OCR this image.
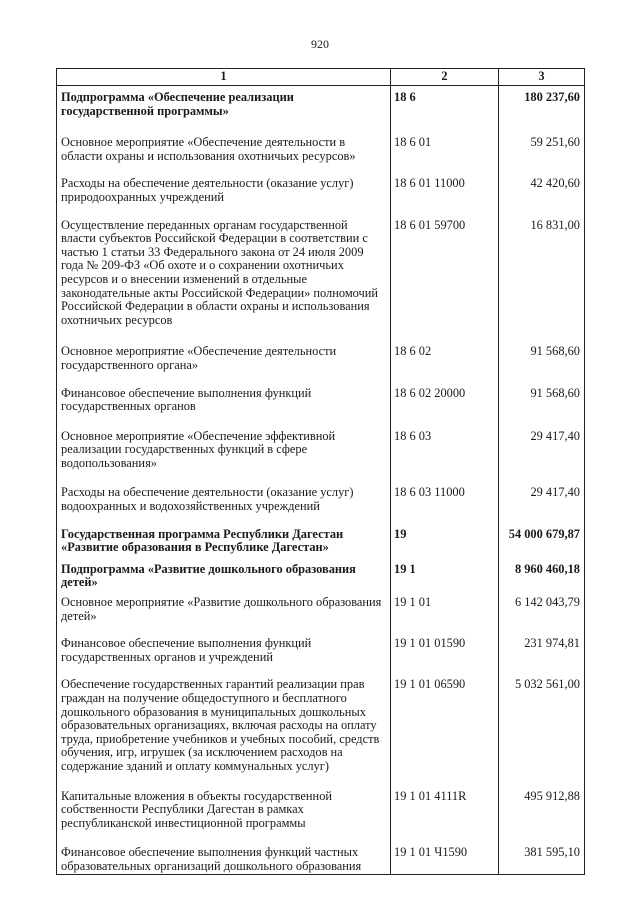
920
1	2	3
Подпрограмма «Обеспечение реализации государственной программы»	18 6	180 237,60
Основное мероприятие «Обеспечение деятельности в области охраны и использования охотничьих ресурсов»	18 6 01	59 251,60
Расходы на обеспечение деятельности (оказание услуг) природоохранных учреждений	18 6 01 11000	42 420,60
Осуществление переданных органам государственной власти субъектов Российской Федерации в соответствии с частью 1 статьи 33 Федерального закона от 24 июля 2009 года № 209-ФЗ «Об охоте и о сохранении охотничьих ресурсов и о внесении изменений в отдельные законодательные акты Российской Федерации» полномочий Российской Федерации в области охраны и использования охотничьих ресурсов	18 6 01 59700	16 831,00
Основное мероприятие «Обеспечение деятельности государственного органа»	18 6 02	91 568,60
Финансовое обеспечение выполнения функций государственных органов	18 6 02 20000	91 568,60
Основное мероприятие «Обеспечение эффективной реализации государственных функций в сфере водопользования»	18 6 03	29 417,40
Расходы на обеспечение деятельности (оказание услуг) водоохранных и водохозяйственных учреждений	18 6 03 11000	29 417,40
Государственная программа Республики Дагестан «Развитие образования в Республике Дагестан»	19	54 000 679,87
Подпрограмма «Развитие дошкольного образования детей»	19 1	8 960 460,18
Основное мероприятие «Развитие дошкольного образования детей»	19 1 01	6 142 043,79
Финансовое обеспечение выполнения функций государственных органов и учреждений	19 1 01 01590	231 974,81
Обеспечение государственных гарантий реализации прав граждан на получение общедоступного и бесплатного дошкольного образования в муниципальных дошкольных образовательных организациях, включая расходы на оплату труда, приобретение учебников и учебных пособий, средств обучения, игр, игрушек (за исключением расходов на содержание зданий и оплату коммунальных услуг)	19 1 01 06590	5 032 561,00
Капитальные вложения в объекты государственной собственности Республики Дагестан в рамках республиканской инвестиционной программы	19 1 01 4111R	495 912,88
Финансовое обеспечение выполнения функций частных образовательных организаций дошкольного образования	19 1 01 Ч1590	381 595,10
